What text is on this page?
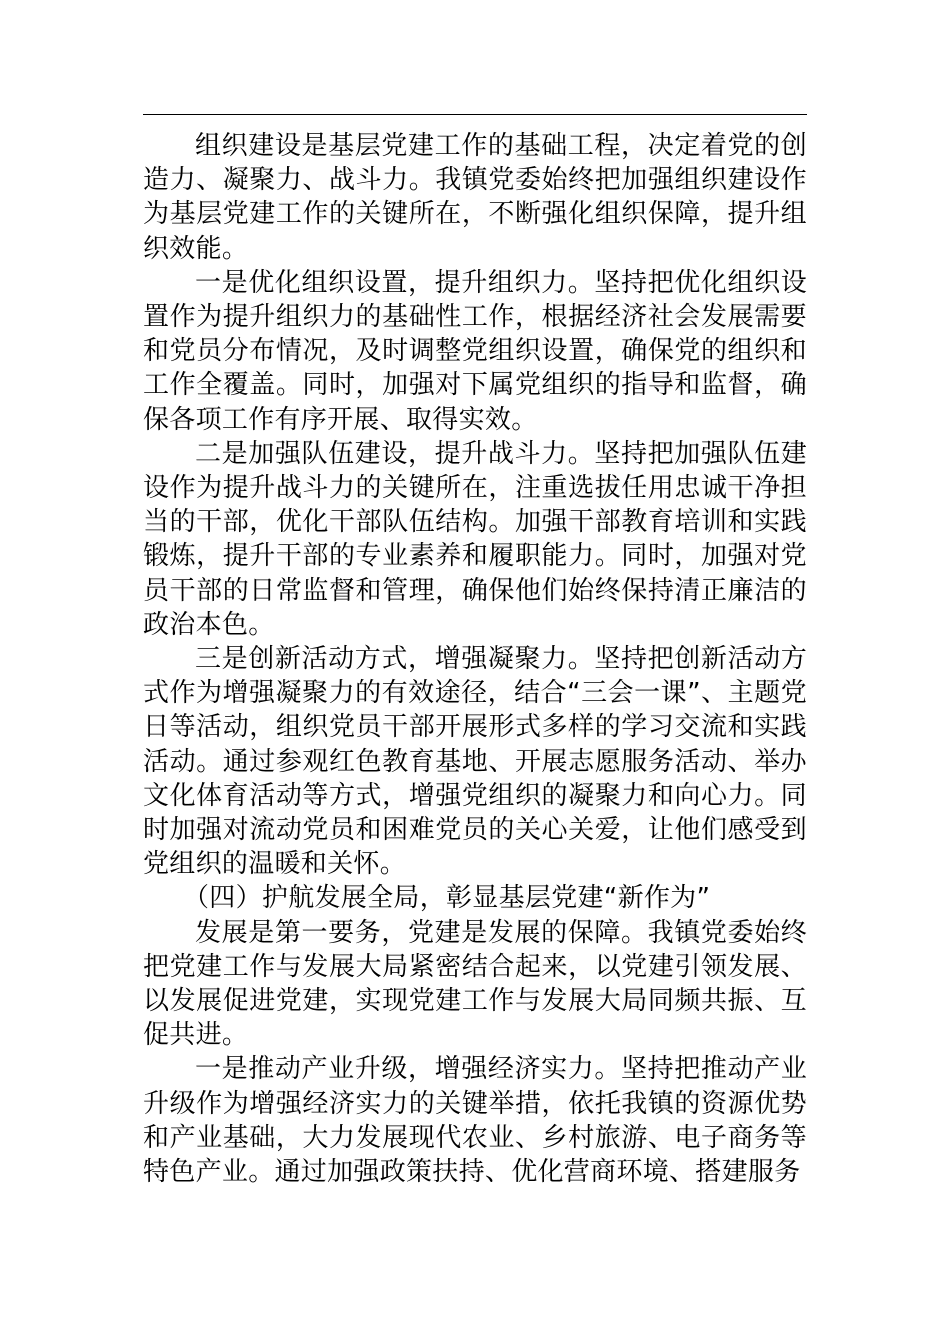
组织建设是基层党建工作的基础工程，决定着党的创造力、凝聚力、战斗力。我镇党委始终把加强组织建设作为基层党建工作的关键所在，不断强化组织保障，提升组织效能。

一是优化组织设置，提升组织力。坚持把优化组织设置作为提升组织力的基础性工作，根据经济社会发展需要和党员分布情况，及时调整党组织设置，确保党的组织和工作全覆盖。同时，加强对下属党组织的指导和监督，确保各项工作有序开展、取得实效。

二是加强队伍建设，提升战斗力。坚持把加强队伍建设作为提升战斗力的关键所在，注重选拔任用忠诚干净担当的干部，优化干部队伍结构。加强干部教育培训和实践锻炼，提升干部的专业素养和履职能力。同时，加强对党员干部的日常监督和管理，确保他们始终保持清正廉洁的政治本色。

三是创新活动方式，增强凝聚力。坚持把创新活动方式作为增强凝聚力的有效途径，结合“三会一课”、主题党日等活动，组织党员干部开展形式多样的学习交流和实践活动。通过参观红色教育基地、开展志愿服务活动、举办文化体育活动等方式，增强党组织的凝聚力和向心力。同时加强对流动党员和困难党员的关心关爱，让他们感受到党组织的温暖和关怀。

（四）护航发展全局，彰显基层党建“新作为”

发展是第一要务，党建是发展的保障。我镇党委始终把党建工作与发展大局紧密结合起来，以党建引领发展、以发展促进党建，实现党建工作与发展大局同频共振、互促共进。

一是推动产业升级，增强经济实力。坚持把推动产业升级作为增强经济实力的关键举措，依托我镇的资源优势和产业基础，大力发展现代农业、乡村旅游、电子商务等特色产业。通过加强政策扶持、优化营商环境、搭建服务
